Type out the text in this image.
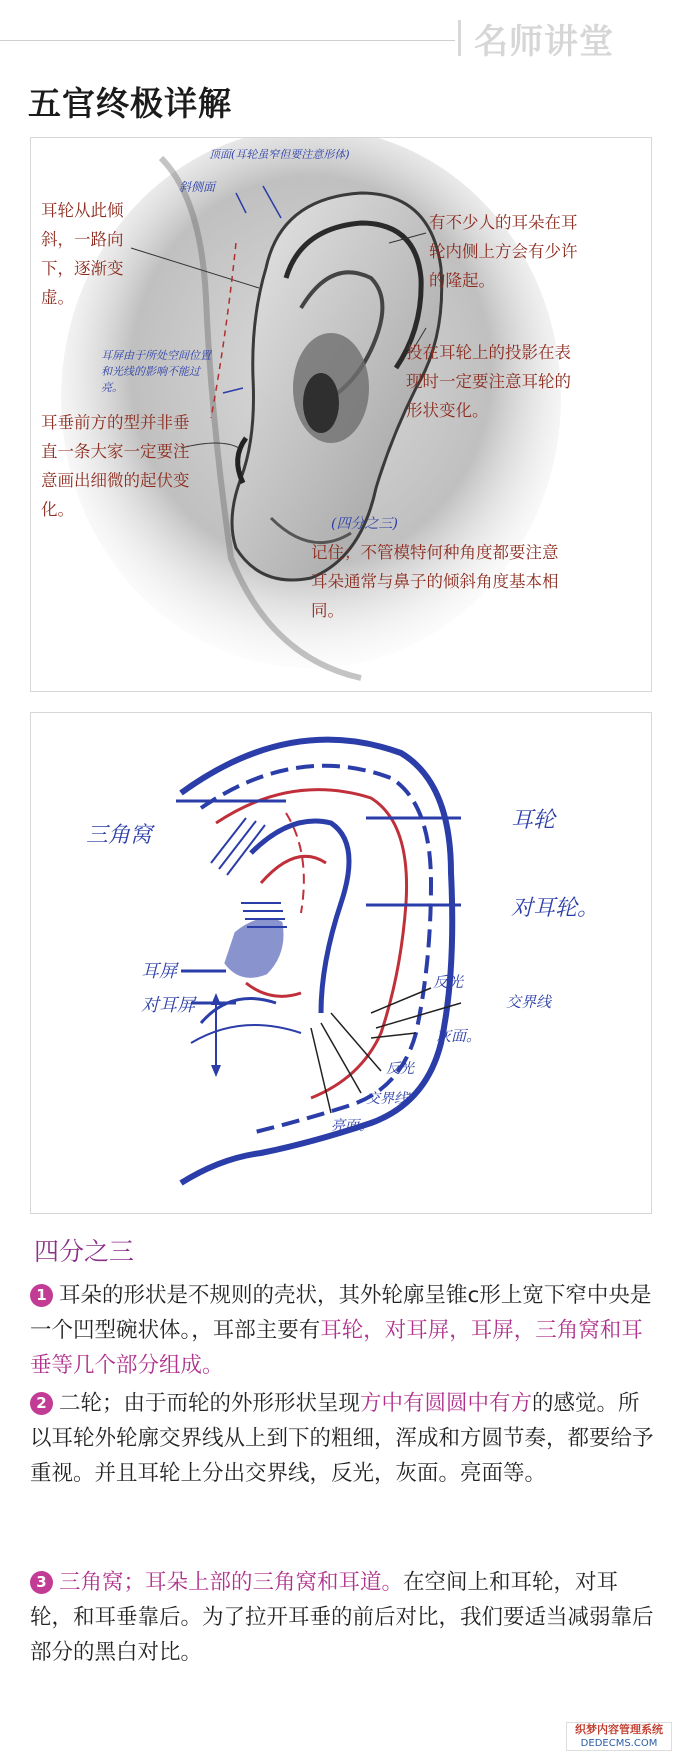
名师讲堂
五官终极详解
顶面(耳轮虽窄但要注意形体)
斜侧面
耳轮从此倾斜，一路向下，逐渐变虚。
有不少人的耳朵在耳轮内侧上方会有少许的隆起。
投在耳轮上的投影在表现时一定要注意耳轮的形状变化。
耳屏由于所处空间位置和光线的影响不能过亮。
耳垂前方的型并非垂直一条大家一定要注意画出细微的起伏变化。
(四分之三)
记住；不管模特何种角度都要注意耳朵通常与鼻子的倾斜角度基本相同。
三角窝
耳轮
对耳轮。
耳屏
对耳屏
反光
交界线
灰面。
反光
交界线'
亮面。
四分之三

1 耳朵的形状是不规则的壳状，其外轮廓呈锥c形上宽下窄中央是一个凹型碗状体。，耳部主要有耳轮，对耳屏，耳屏，三角窝和耳垂等几个部分组成。

2 二轮；由于而轮的外形形状呈现方中有圆圆中有方的感觉。所以耳轮外轮廓交界线从上到下的粗细，浑成和方圆节奏，都要给予重视。并且耳轮上分出交界线，反光，灰面。亮面等。

3 三角窝；耳朵上部的三角窝和耳道。在空间上和耳轮，对耳轮，和耳垂靠后。为了拉开耳垂的前后对比，我们要适当减弱靠后部分的黑白对比。

织梦内容管理系统
DEDECMS.COM
